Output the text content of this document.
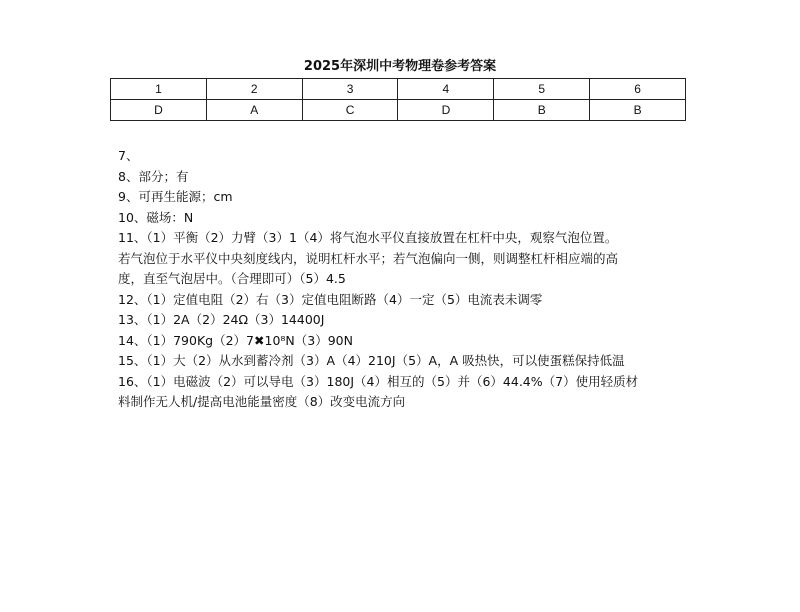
2025年深圳中考物理卷参考答案
1	2	3	4	5	6
D	A	C	D	B	B
7、
8、部分；有
9、可再生能源；cm
10、磁场：N
11、（1）平衡（2）力臂（3）1（4）将气泡水平仪直接放置在杠杆中央，观察气泡位置。
若气泡位于水平仪中央刻度线内，说明杠杆水平；若气泡偏向一侧，则调整杠杆相应端的高
度，直至气泡居中。（合理即可）（5）4.5
12、（1）定值电阻（2）右（3）定值电阻断路（4）一定（5）电流表未调零
13、（1）2A（2）24Ω（3）14400J
14、（1）790Kg（2）7✖10⁸N（3）90N
15、（1）大（2）从水到蓄冷剂（3）A（4）210J（5）A，A 吸热快，可以使蛋糕保持低温
16、（1）电磁波（2）可以导电（3）180J（4）相互的（5）并（6）44.4%（7）使用轻质材
料制作无人机/提高电池能量密度（8）改变电流方向
